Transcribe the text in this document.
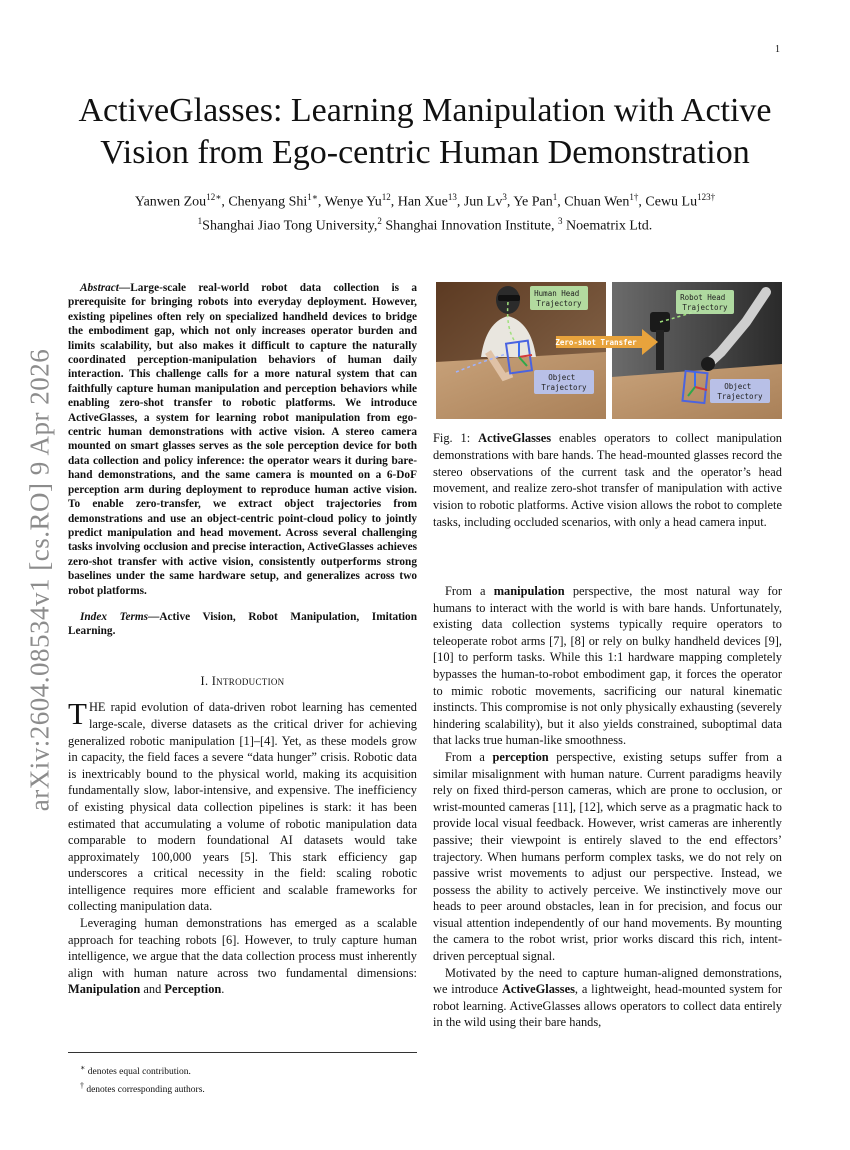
1
arXiv:2604.08534v1 [cs.RO] 9 Apr 2026
ActiveGlasses: Learning Manipulation with Active Vision from Ego-centric Human Demonstration
Yanwen Zou$^{12∗}$, Chenyang Shi$^{1∗}$, Wenye Yu$^{12}$, Han Xue$^{13}$, Jun Lv$^3$, Ye Pan$^1$, Chuan Wen$^{1\dagger}$, Cewu $Lu^{123\dagger}$
$^1$Shanghai Jiao Tong University,$^2$ Shanghai Innovation Institute, $^3$ Noematrix Ltd.

Abstract—Large-scale real-world robot data collection is a prerequisite for bringing robots into everyday deployment. However, existing pipelines often rely on specialized handheld devices to bridge the embodiment gap, which not only increases operator burden and limits scalability, but also makes it difficult to capture the naturally coordinated perception-manipulation behaviors of human daily interaction. This challenge calls for a more natural system that can faithfully capture human manipulation and perception behaviors while enabling zero-shot transfer to robotic platforms. We introduce ActiveGlasses, a system for learning robot manipulation from ego-centric human demonstrations with active vision. A stereo camera mounted on smart glasses serves as the sole perception device for both data collection and policy inference: the operator wears it during bare-hand demonstrations, and the same camera is mounted on a 6-DoF perception arm during deployment to reproduce human active vision. To enable zero-transfer, we extract object trajectories from demonstrations and use an object-centric point-cloud policy to jointly predict manipulation and head movement. Across several challenging tasks involving occlusion and precise interaction, ActiveGlasses achieves zero-shot transfer with active vision, consistently outperforms strong baselines under the same hardware setup, and generalizes across two robot platforms.

Index Terms—Active Vision, Robot Manipulation, Imitation Learning.

I. Introduction

THE rapid evolution of data-driven robot learning has cemented large-scale, diverse datasets as the critical driver for achieving generalized robotic manipulation [1]–[4]. Yet, as these models grow in capacity, the field faces a severe “data hunger” crisis. Robotic data is inextricably bound to the physical world, making its acquisition fundamentally slow, labor-intensive, and expensive. The inefficiency of existing physical data collection pipelines is stark: it has been estimated that accumulating a volume of robotic manipulation data comparable to modern foundational AI datasets would take approximately 100,000 years [5]. This stark efficiency gap underscores a critical necessity in the field: scaling robotic intelligence requires more efficient and scalable frameworks for collecting manipulation data.

Leveraging human demonstrations has emerged as a scalable approach for teaching robots [6]. However, to truly capture human intelligence, we argue that the data collection process must inherently align with human nature across two fundamental dimensions: Manipulation and Perception.

∗ denotes equal contribution.

† denotes corresponding authors.

Human Head Trajectory
Robot Head Trajectory
Zero-shot Transfer
Object Trajectory	Object Trajectory
Fig. 1: ActiveGlasses enables operators to collect manipulation demonstrations with bare hands. The head-mounted glasses record the stereo observations of the current task and the operator’s head movement, and realize zero-shot transfer of manipulation with active vision to robotic platforms. Active vision allows the robot to complete tasks, including occluded scenarios, with only a head camera input.

From a manipulation perspective, the most natural way for humans to interact with the world is with bare hands. Unfortunately, existing data collection systems typically require operators to teleoperate robot arms [7], [8] or rely on bulky handheld devices [9], [10] to perform tasks. While this 1:1 hardware mapping completely bypasses the human-to-robot embodiment gap, it forces the operator to mimic robotic movements, sacrificing our natural kinematic instincts. This compromise is not only physically exhausting (severely hindering scalability), but it also yields constrained, suboptimal data that lacks true human-like smoothness.

From a perception perspective, existing setups suffer from a similar misalignment with human nature. Current paradigms heavily rely on fixed third-person cameras, which are prone to occlusion, or wrist-mounted cameras [11], [12], which serve as a pragmatic hack to provide local visual feedback. However, wrist cameras are inherently passive; their viewpoint is entirely slaved to the end effectors’ trajectory. When humans perform complex tasks, we do not rely on passive wrist movements to adjust our perspective. Instead, we possess the ability to actively perceive. We instinctively move our heads to peer around obstacles, lean in for precision, and focus our visual attention independently of our hand movements. By mounting the camera to the robot wrist, prior works discard this rich, intent-driven perceptual signal.

Motivated by the need to capture human-aligned demonstrations, we introduce ActiveGlasses, a lightweight, head-mounted system for robot learning. ActiveGlasses allows operators to collect data entirely in the wild using their bare hands,
